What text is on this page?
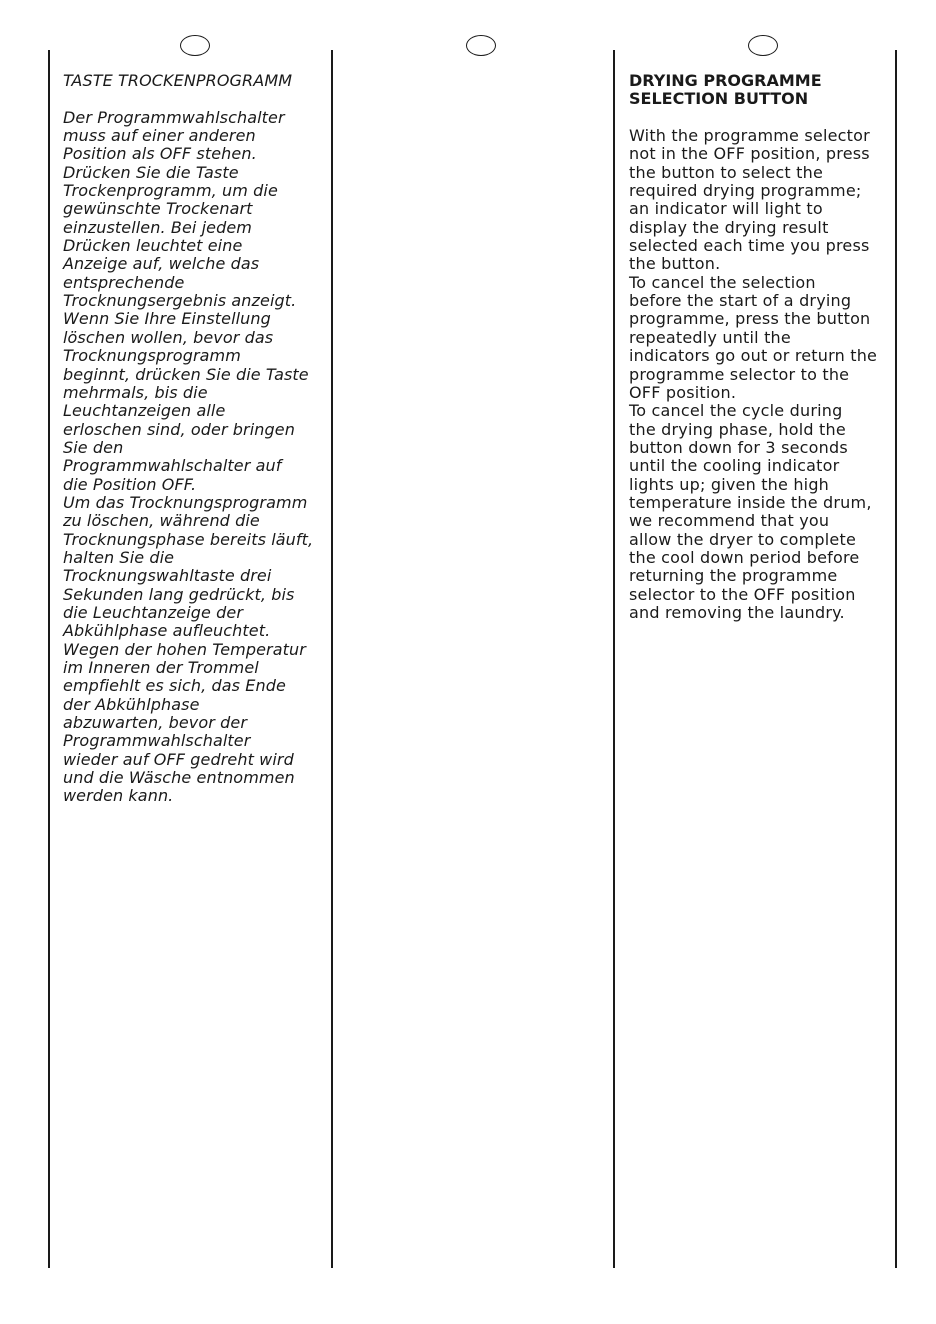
TASTE TROCKENPROGRAMM
Der Programmwahlschalter
muss auf einer anderen
Position als OFF stehen.
Drücken Sie die Taste
Trockenprogramm, um die
gewünschte Trockenart
einzustellen. Bei jedem
Drücken leuchtet eine
Anzeige auf, welche das
entsprechende
Trocknungsergebnis anzeigt.
Wenn Sie Ihre Einstellung
löschen wollen, bevor das
Trocknungsprogramm
beginnt, drücken Sie die Taste
mehrmals, bis die
Leuchtanzeigen alle
erloschen sind, oder bringen
Sie den
Programmwahlschalter auf
die Position OFF.
Um das Trocknungsprogramm
zu löschen, während die
Trocknungsphase bereits läuft,
halten Sie die
Trocknungswahltaste drei
Sekunden lang gedrückt, bis
die Leuchtanzeige der
Abkühlphase aufleuchtet.
Wegen der hohen Temperatur
im Inneren der Trommel
empfiehlt es sich, das Ende
der Abkühlphase
abzuwarten, bevor der
Programmwahlschalter
wieder auf OFF gedreht wird
und die Wäsche entnommen
werden kann.
DRYING PROGRAMME
SELECTION BUTTON
With the programme selector
not in the OFF position, press
the button to select the
required drying programme;
an indicator will light to
display the drying result
selected each time you press
the button.
To cancel the selection
before the start of a drying
programme, press the button
repeatedly until the
indicators go out or return the
programme selector to the
OFF position.
To cancel the cycle during
the drying phase, hold the
button down for 3 seconds
until the cooling indicator
lights up; given the high
temperature inside the drum,
we recommend that you
allow the dryer to complete
the cool down period before
returning the programme
selector to the OFF position
and removing the laundry.
